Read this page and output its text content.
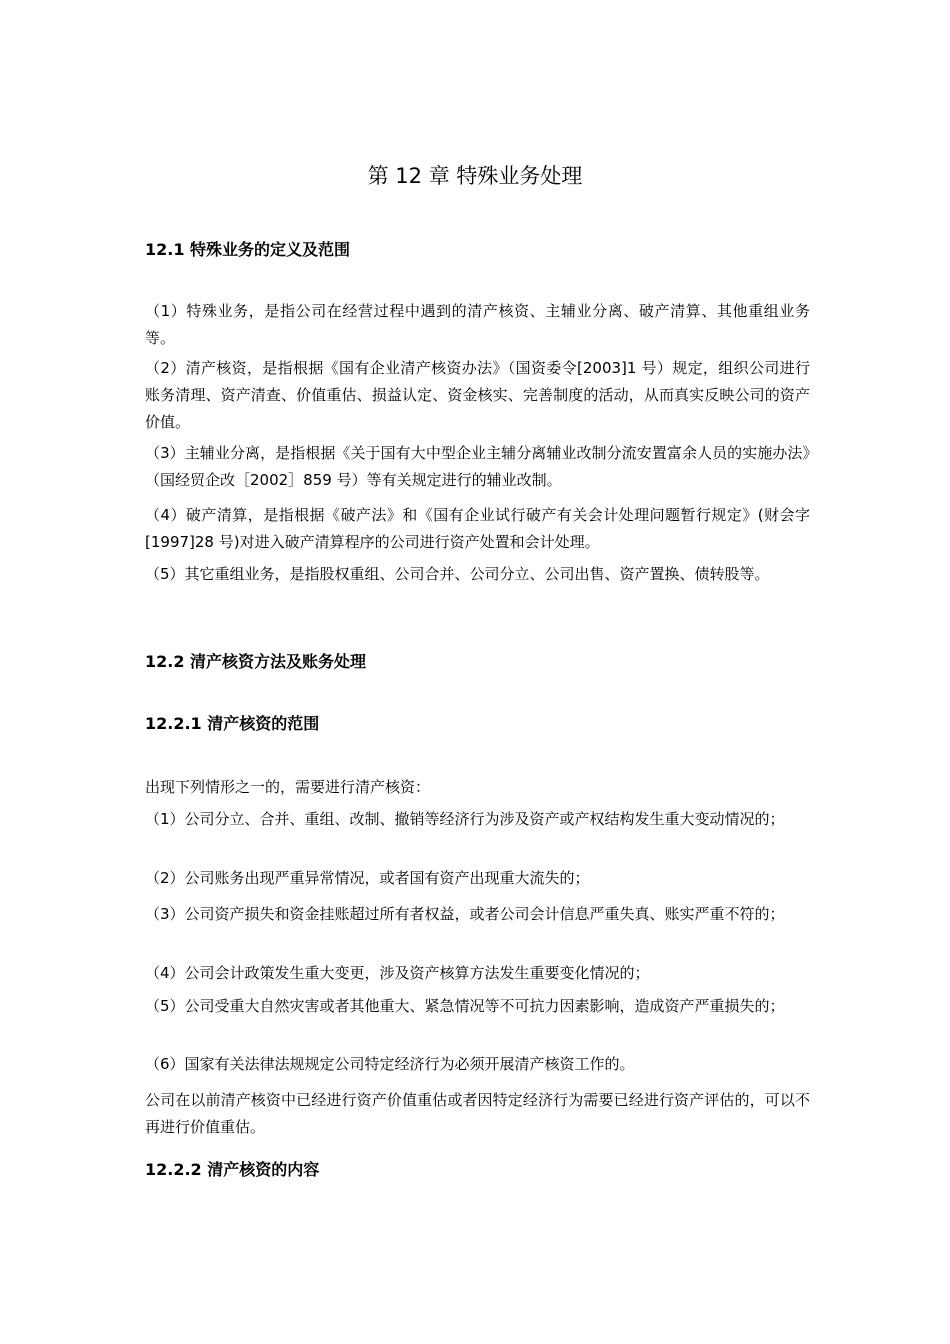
第 12 章 特殊业务处理
12.1 特殊业务的定义及范围

（1）特殊业务，是指公司在经营过程中遇到的清产核资、主辅业分离、破产清算、其他重组业务等。

（2）清产核资，是指根据《国有企业清产核资办法》（国资委令[2003]1 号）规定，组织公司进行账务清理、资产清查、价值重估、损益认定、资金核实、完善制度的活动，从而真实反映公司的资产价值。

（3）主辅业分离，是指根据《关于国有大中型企业主辅分离辅业改制分流安置富余人员的实施办法》（国经贸企改［2002］859 号）等有关规定进行的辅业改制。

（4）破产清算，是指根据《破产法》和《国有企业试行破产有关会计处理问题暂行规定》(财会字[1997]28 号)对进入破产清算程序的公司进行资产处置和会计处理。

（5）其它重组业务，是指股权重组、公司合并、公司分立、公司出售、资产置换、债转股等。

12.2 清产核资方法及账务处理
12.2.1 清产核资的范围

出现下列情形之一的，需要进行清产核资：

（1）公司分立、合并、重组、改制、撤销等经济行为涉及资产或产权结构发生重大变动情况的；

（2）公司账务出现严重异常情况，或者国有资产出现重大流失的；

（3）公司资产损失和资金挂账超过所有者权益，或者公司会计信息严重失真、账实严重不符的；

（4）公司会计政策发生重大变更，涉及资产核算方法发生重要变化情况的；

（5）公司受重大自然灾害或者其他重大、紧急情况等不可抗力因素影响，造成资产严重损失的；

（6）国家有关法律法规规定公司特定经济行为必须开展清产核资工作的。

公司在以前清产核资中已经进行资产价值重估或者因特定经济行为需要已经进行资产评估的，可以不再进行价值重估。

12.2.2 清产核资的内容
